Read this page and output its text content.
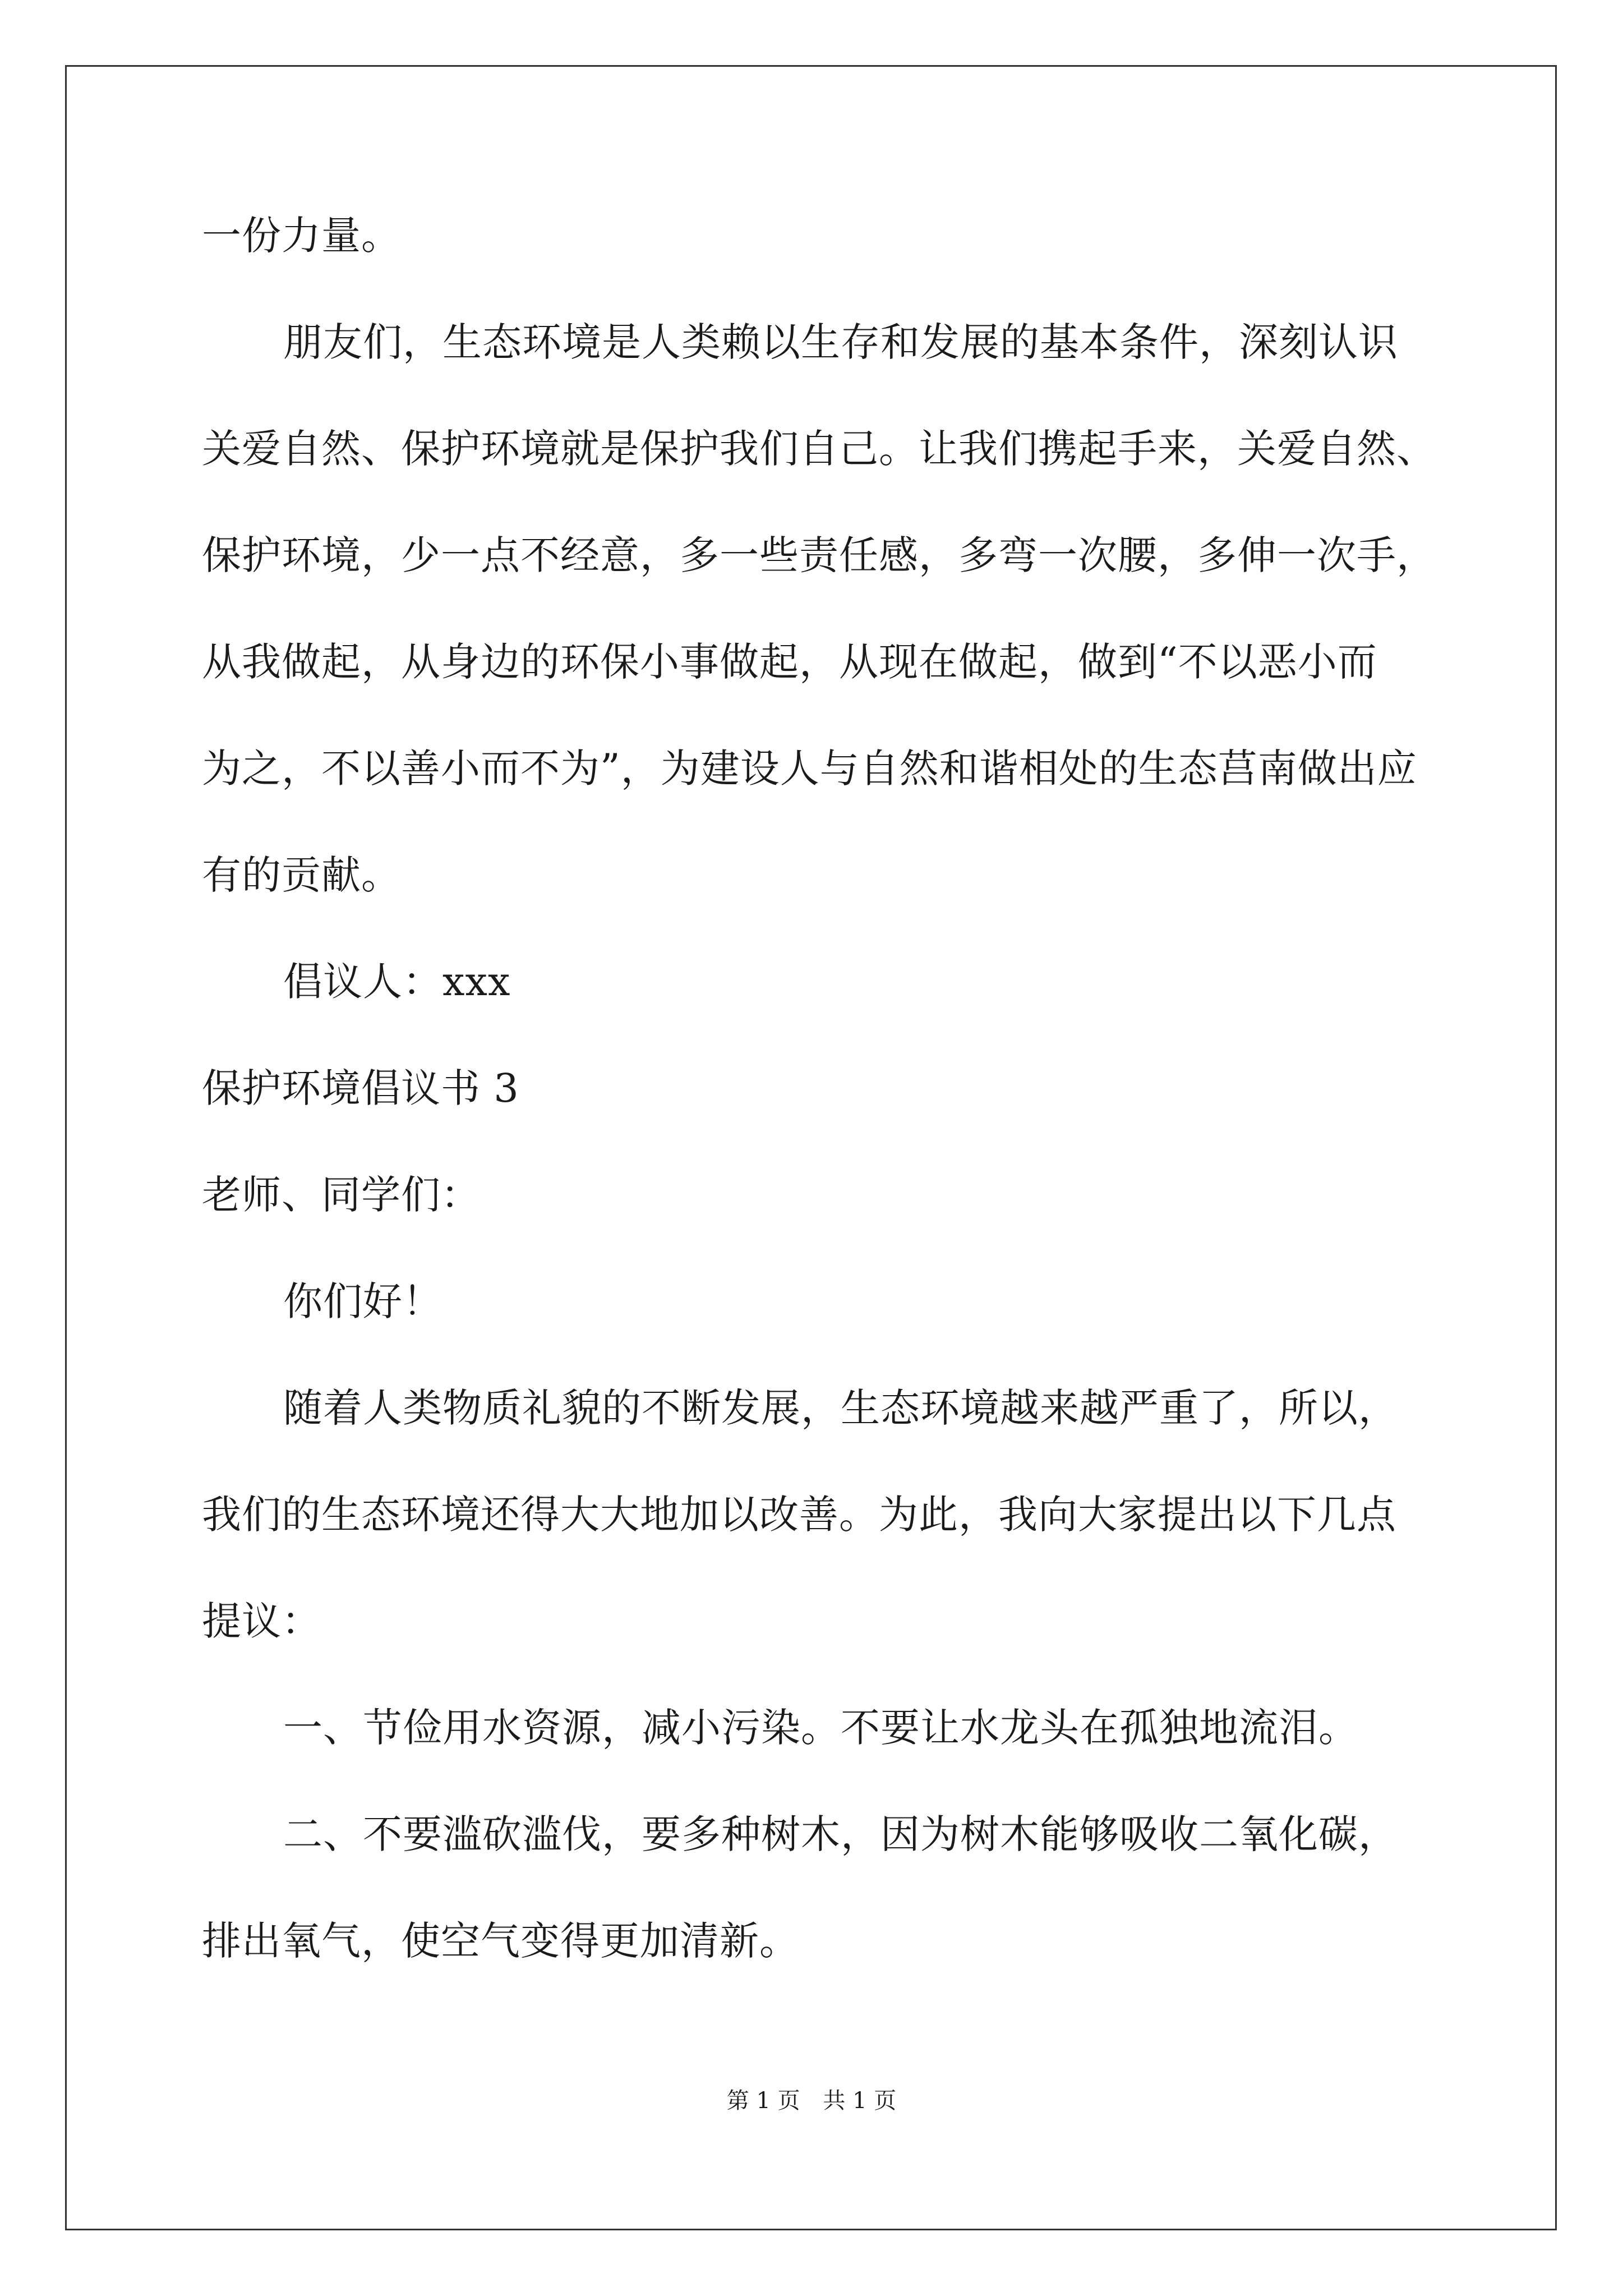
一份力量。
朋友们，生态环境是人类赖以生存和发展的基本条件，深刻认识
关爱自然、保护环境就是保护我们自己。让我们携起手来，关爱自然、
保护环境，少一点不经意，多一些责任感，多弯一次腰，多伸一次手，
从我做起，从身边的环保小事做起，从现在做起，做到“不以恶小而
为之，不以善小而不为”，为建设人与自然和谐相处的生态莒南做出应
有的贡献。
倡议人：xxx
保护环境倡议书 3
老师、同学们：
你们好！
随着人类物质礼貌的不断发展，生态环境越来越严重了，所以，
我们的生态环境还得大大地加以改善。为此，我向大家提出以下几点
提议：
一、节俭用水资源，减小污染。不要让水龙头在孤独地流泪。
二、不要滥砍滥伐，要多种树木，因为树木能够吸收二氧化碳，
排出氧气，使空气变得更加清新。
第 1 页 共 1 页
